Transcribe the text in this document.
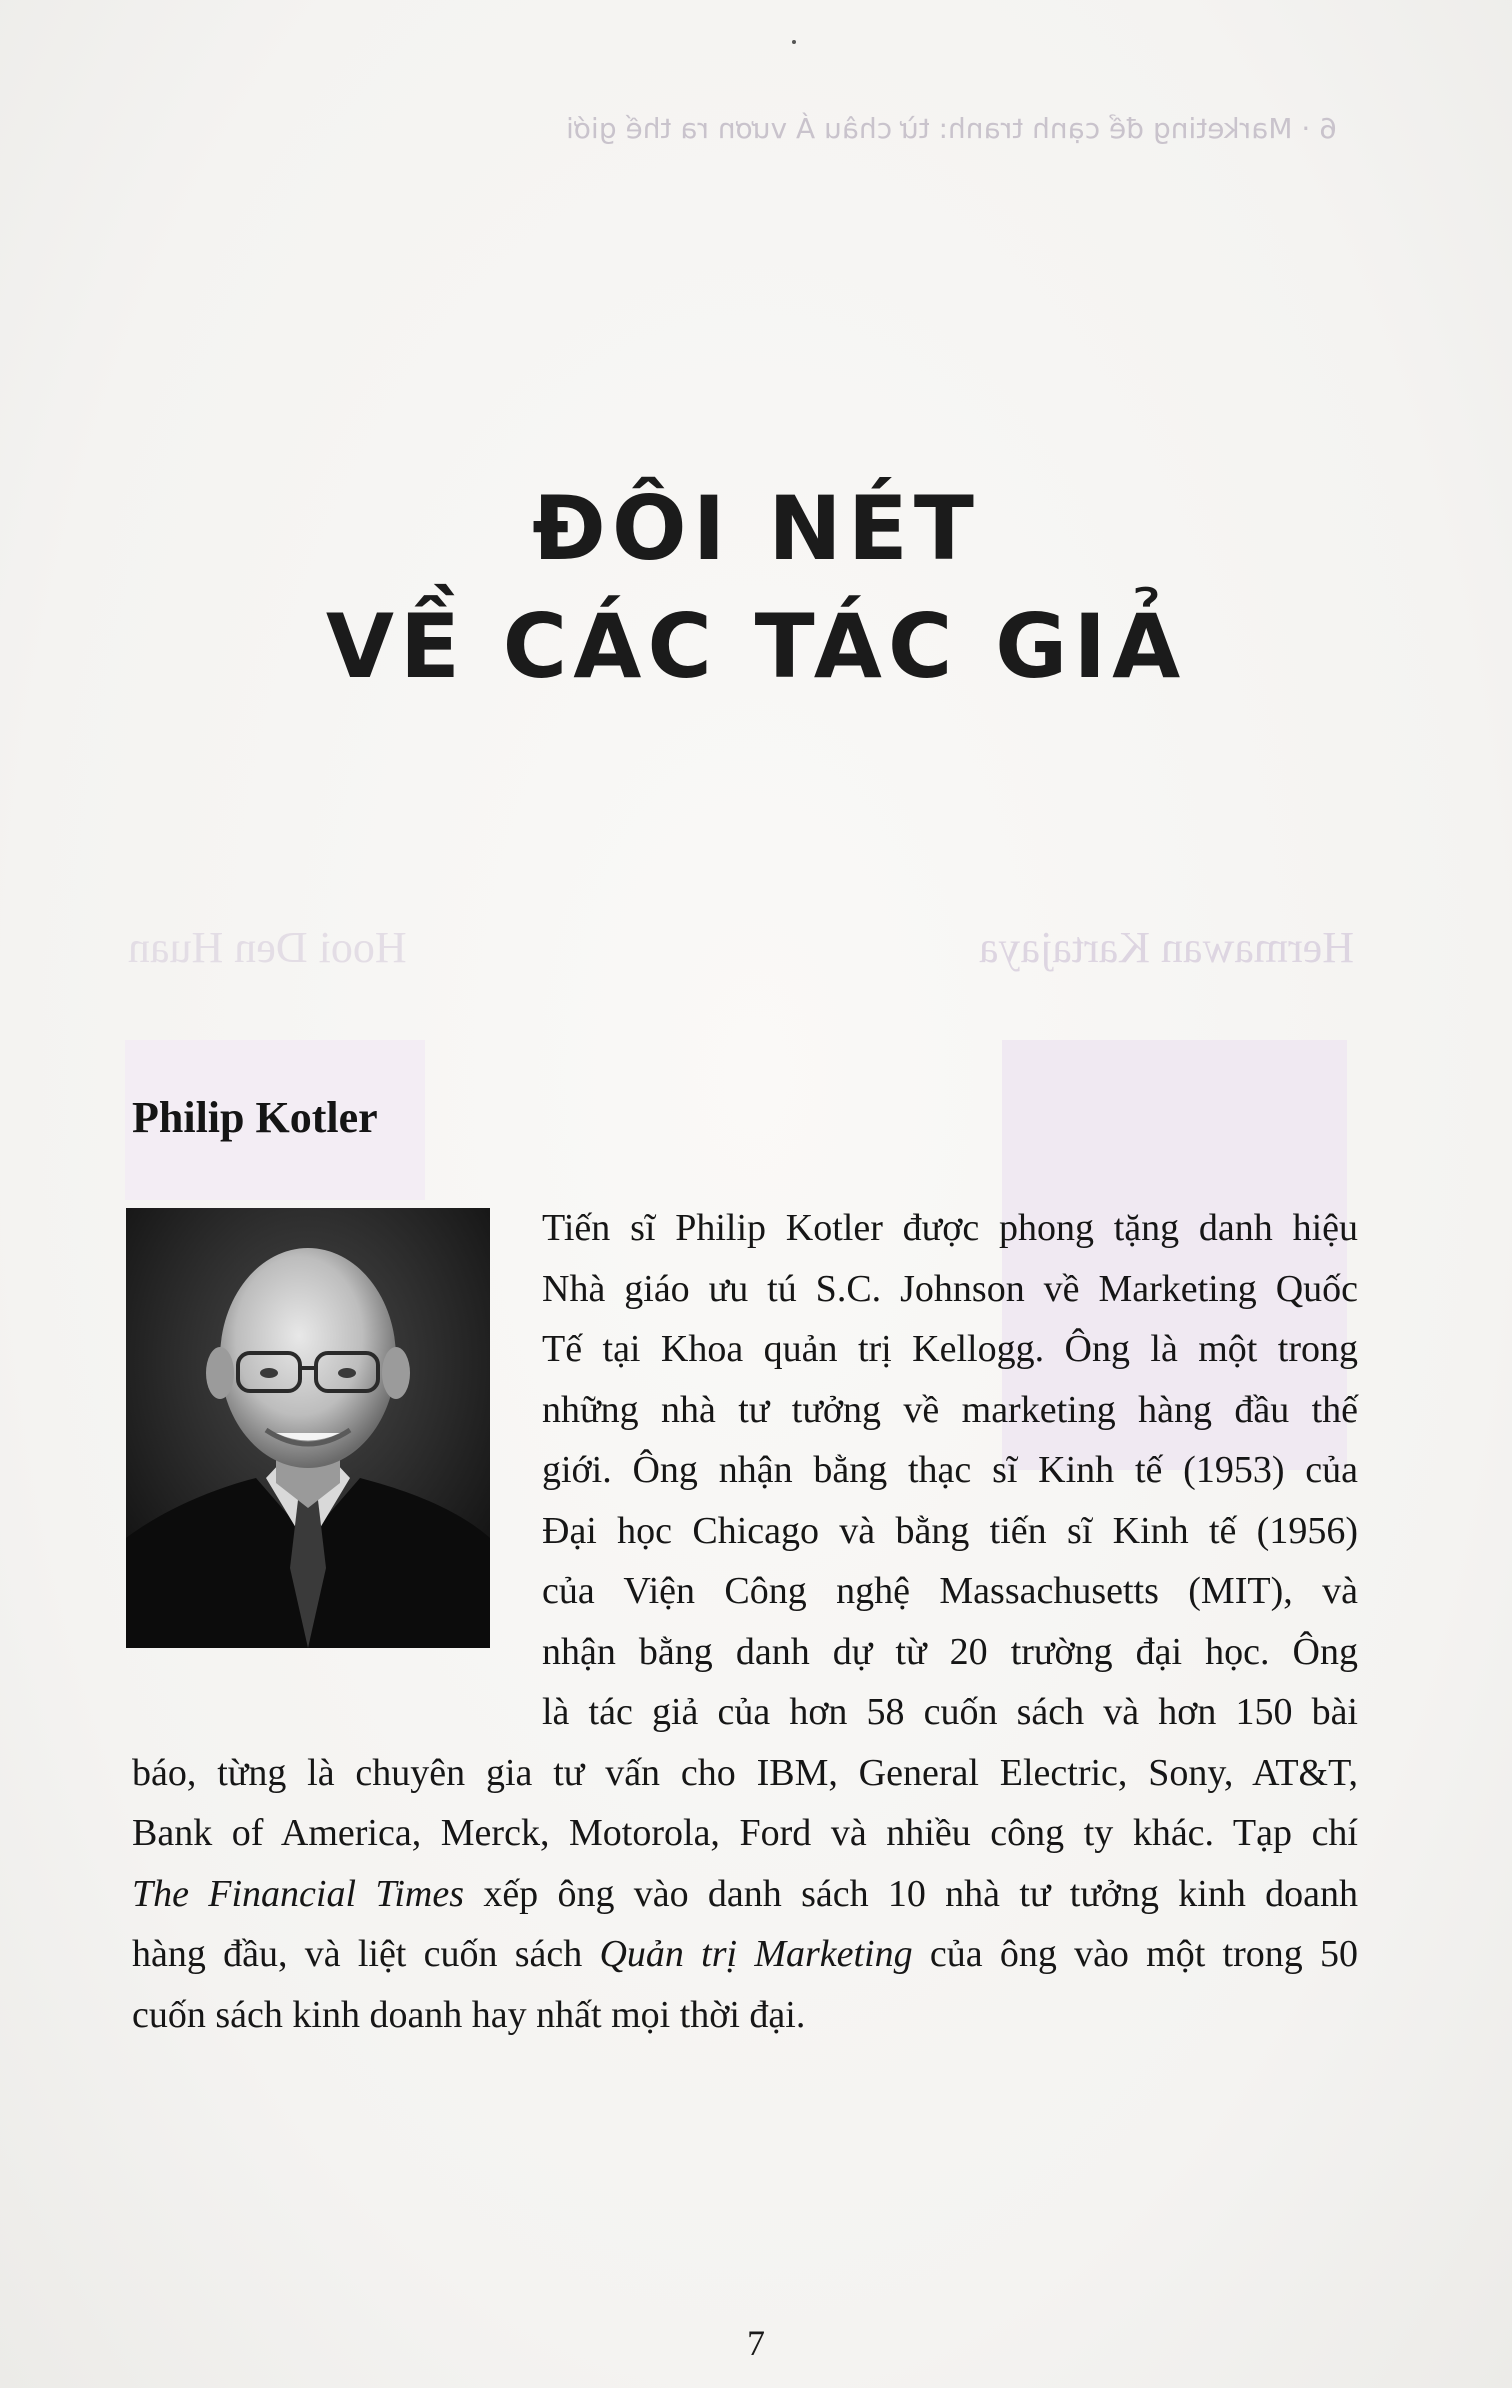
6 · Marketing để cạnh tranh: từ châu Á vươn ra thế giới
ĐÔI NÉT
VỀ CÁC TÁC GIẢ
Hooi Den Huan	Hermawan Kartajaya
Philip Kotler
Tiến sĩ Philip Kotler được phong tặng danh hiệu
Nhà giáo ưu tú S.C. Johnson về Marketing Quốc
Tế tại Khoa quản trị Kellogg. Ông là một trong
những nhà tư tưởng về marketing hàng đầu thế
giới. Ông nhận bằng thạc sĩ Kinh tế (1953) của
Đại học Chicago và bằng tiến sĩ Kinh tế (1956)
của Viện Công nghệ Massachusetts (MIT), và
nhận bằng danh dự từ 20 trường đại học. Ông
là tác giả của hơn 58 cuốn sách và hơn 150 bài
báo, từng là chuyên gia tư vấn cho IBM, General Electric, Sony, AT&T,
Bank of America, Merck, Motorola, Ford và nhiều công ty khác. Tạp chí
The Financial Times xếp ông vào danh sách 10 nhà tư tưởng kinh doanh
hàng đầu, và liệt cuốn sách Quản trị Marketing của ông vào một trong 50
cuốn sách kinh doanh hay nhất mọi thời đại.
7
